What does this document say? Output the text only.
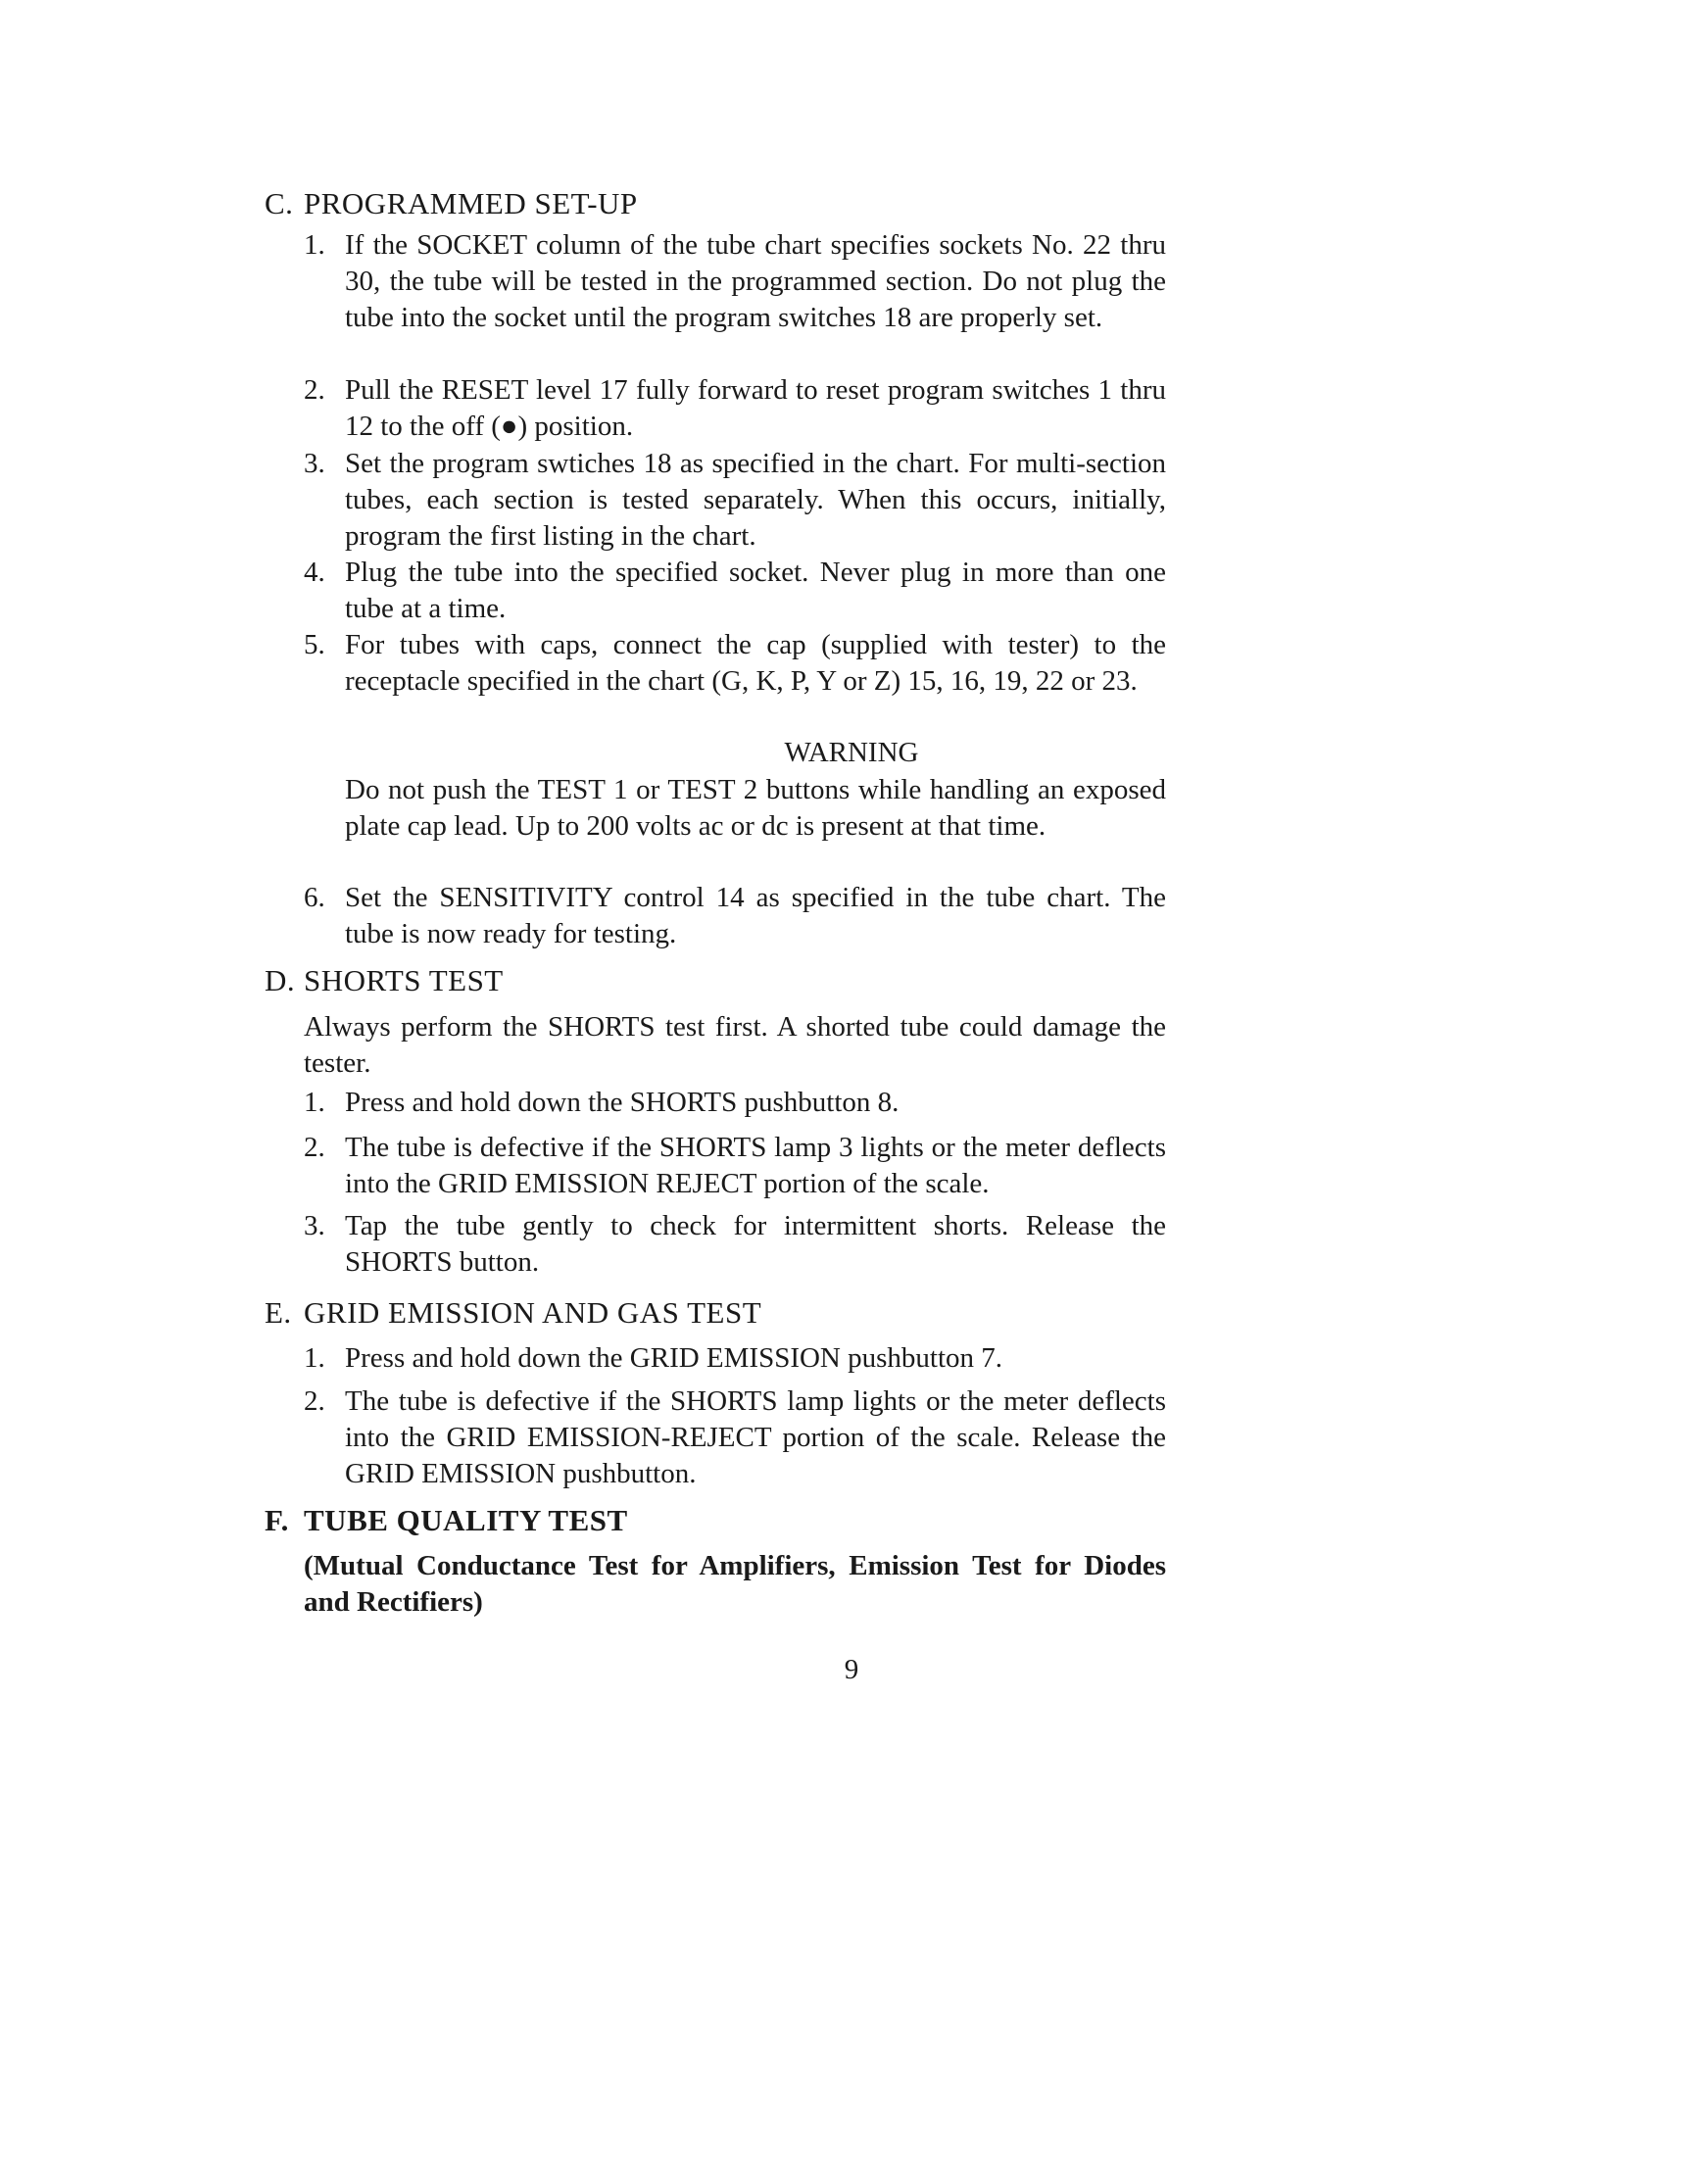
C. PROGRAMMED SET-UP
1. If the SOCKET column of the tube chart specifies sockets No. 22 thru 30, the tube will be tested in the programmed section. Do not plug the tube into the socket until the program switches 18 are properly set.
2. Pull the RESET level 17 fully forward to reset program switches 1 thru 12 to the off (●) position.
3. Set the program swtiches 18 as specified in the chart. For multi-section tubes, each section is tested separately. When this occurs, initially, program the first listing in the chart.
4. Plug the tube into the specified socket. Never plug in more than one tube at a time.
5. For tubes with caps, connect the cap (supplied with tester) to the receptacle specified in the chart (G, K, P, Y or Z) 15, 16, 19, 22 or 23.
WARNING
Do not push the TEST 1 or TEST 2 buttons while handling an exposed plate cap lead. Up to 200 volts ac or dc is present at that time.
6. Set the SENSITIVITY control 14 as specified in the tube chart. The tube is now ready for testing.
D. SHORTS TEST
Always perform the SHORTS test first. A shorted tube could damage the tester.
1. Press and hold down the SHORTS pushbutton 8.
2. The tube is defective if the SHORTS lamp 3 lights or the meter deflects into the GRID EMISSION REJECT portion of the scale.
3. Tap the tube gently to check for intermittent shorts. Release the SHORTS button.
E. GRID EMISSION AND GAS TEST
1. Press and hold down the GRID EMISSION pushbutton 7.
2. The tube is defective if the SHORTS lamp lights or the meter deflects into the GRID EMISSION-REJECT portion of the scale. Release the GRID EMISSION pushbutton.
F. TUBE QUALITY TEST
(Mutual Conductance Test for Amplifiers, Emission Test for Diodes and Rectifiers)
9
